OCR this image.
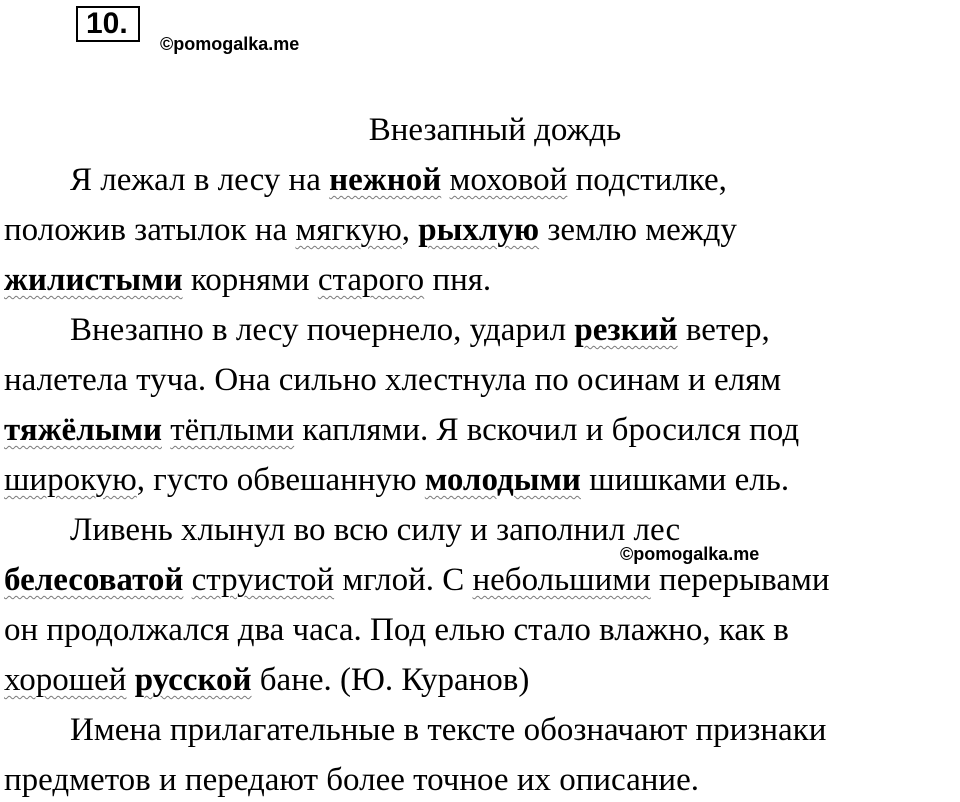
10.
©pomogalka.me
Внезапный дождь
Я лежал в лесу на нежной моховой подстилке,
положив затылок на мягкую, рыхлую землю между
жилистыми корнями старого пня.
Внезапно в лесу почернело, ударил резкий ветер,
налетела туча. Она сильно хлестнула по осинам и елям
тяжёлыми тёплыми каплями. Я вскочил и бросился под
широкую, густо обвешанную молодыми шишками ель.
Ливень хлынул во всю силу и заполнил лес
©pomogalka.me
белесоватой струистой мглой. С небольшими перерывами
он продолжался два часа. Под елью стало влажно, как в
хорошей русской бане. (Ю. Куранов)
Имена прилагательные в тексте обозначают признаки
предметов и передают более точное их описание.
